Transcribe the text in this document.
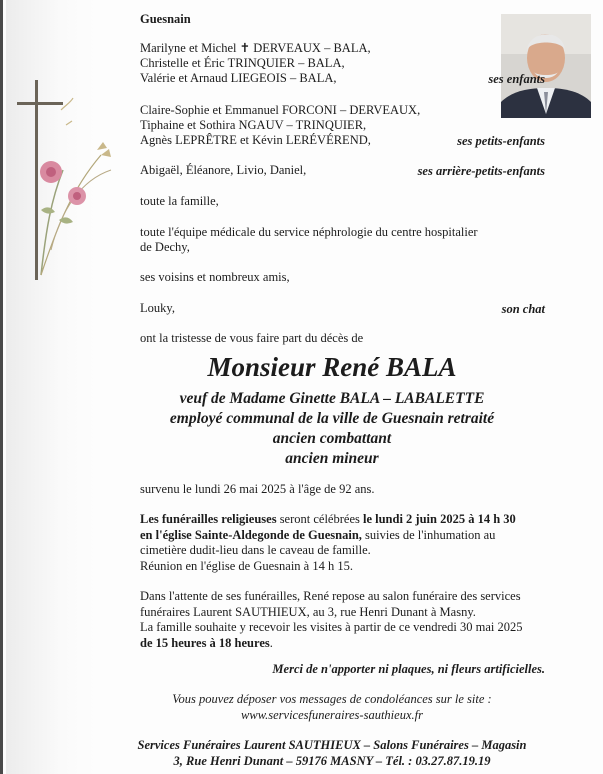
Guesnain
Marilyne et Michel ✝ DERVEAUX – BALA,
Christelle et Éric TRINQUIER – BALA,
Valérie et Arnaud LIEGEOIS – BALA,	ses enfants
Claire-Sophie et Emmanuel FORCONI – DERVEAUX,
Tiphaine et Sothira NGAUV – TRINQUIER,
Agnès LEPRÊTRE et Kévin LERÉVÉREND,	ses petits-enfants
Abigaël, Éléanore, Livio, Daniel,	ses arrière-petits-enfants
toute la famille,
toute l'équipe médicale du service néphrologie du centre hospitalier
de Dechy,
ses voisins et nombreux amis,
Louky,	son chat
ont la tristesse de vous faire part du décès de
Monsieur René BALA
veuf de Madame Ginette BALA – LABALETTE
employé communal de la ville de Guesnain retraité
ancien combattant
ancien mineur
survenu le lundi 26 mai 2025 à l'âge de 92 ans.
Les funérailles religieuses seront célébrées le lundi 2 juin 2025 à 14 h 30
en l'église Sainte-Aldegonde de Guesnain, suivies de l'inhumation au
cimetière dudit-lieu dans le caveau de famille.
Réunion en l'église de Guesnain à 14 h 15.
Dans l'attente de ses funérailles, René repose au salon funéraire des services
funéraires Laurent SAUTHIEUX, au 3, rue Henri Dunant à Masny.
La famille souhaite y recevoir les visites à partir de ce vendredi 30 mai 2025
de 15 heures à 18 heures.
Merci de n'apporter ni plaques, ni fleurs artificielles.
Vous pouvez déposer vos messages de condoléances sur le site :
www.servicesfuneraires-sauthieux.fr
Services Funéraires Laurent SAUTHIEUX – Salons Funéraires – Magasin
3, Rue Henri Dunant – 59176 MASNY – Tél. : 03.27.87.19.19
